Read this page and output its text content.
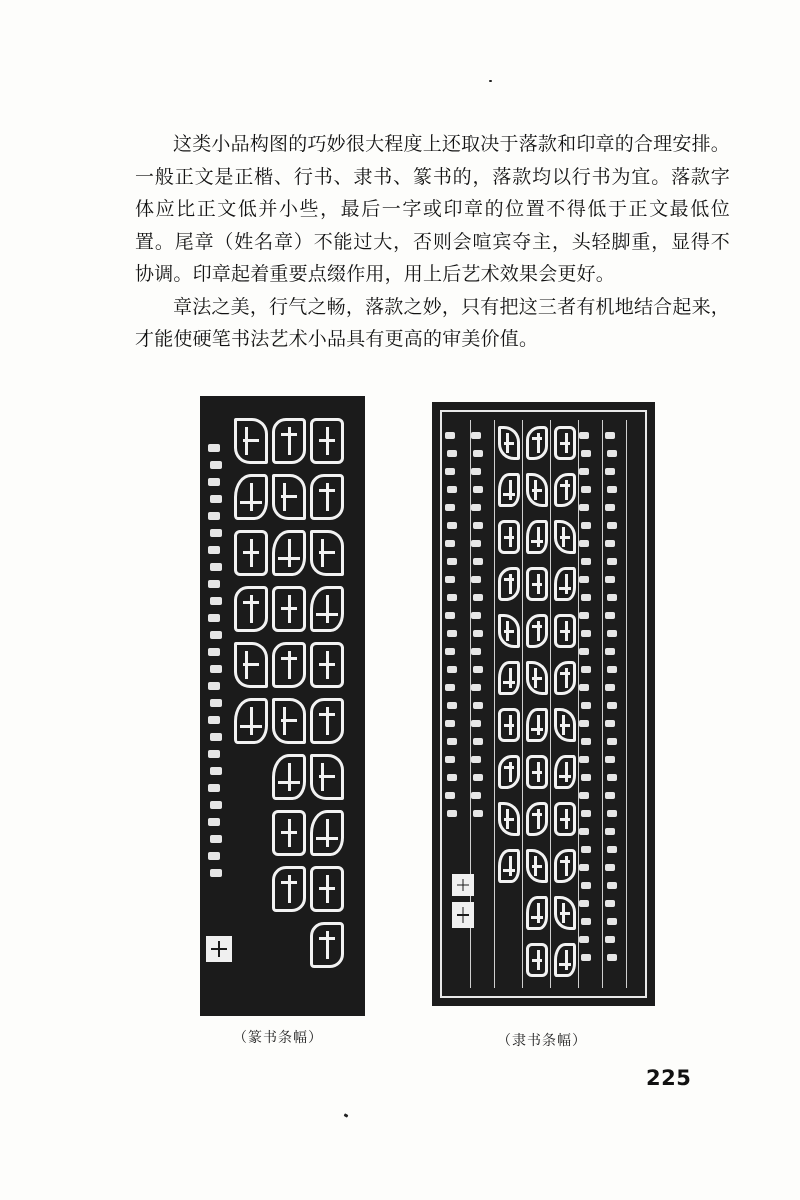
这类小品构图的巧妙很大程度上还取决于落款和印章的合理安排。一般正文是正楷、行书、隶书、篆书的，落款均以行书为宜。落款字体应比正文低并小些，最后一字或印章的位置不得低于正文最低位置。尾章（姓名章）不能过大，否则会喧宾夺主，头轻脚重，显得不协调。印章起着重要点缀作用，用上后艺术效果会更好。

章法之美，行气之畅，落款之妙，只有把这三者有机地结合起来，才能使硬笔书法艺术小品具有更高的审美价值。

（篆书条幅）	（隶书条幅）
225
